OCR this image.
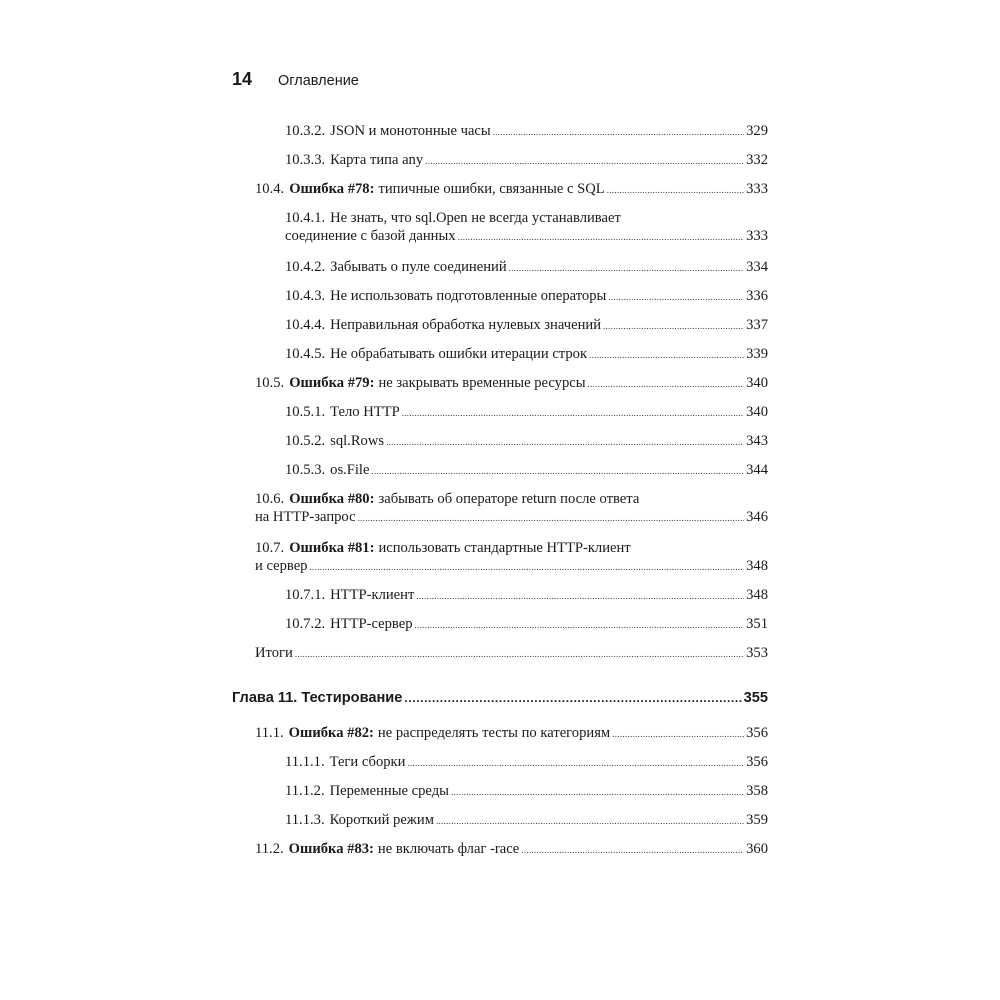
14 Оглавление
10.3.2. JSON и монотонные часы .....	329
10.3.3. Карта типа any .....	332
10.4. Ошибка #78: типичные ошибки, связанные с SQL .....	333
10.4.1. Не знать, что sql.Open не всегда устанавливает
соединение с базой данных .....	333
10.4.2. Забывать о пуле соединений .....	334
10.4.3. Не использовать подготовленные операторы .....	336
10.4.4. Неправильная обработка нулевых значений .....	337
10.4.5. Не обрабатывать ошибки итерации строк .....	339
10.5. Ошибка #79: не закрывать временные ресурсы .....	340
10.5.1. Тело HTTP .....	340
10.5.2. sql.Rows .....	343
10.5.3. os.File .....	344
10.6. Ошибка #80: забывать об операторе return после ответа
на HTTP-запрос .....	346
10.7. Ошибка #81: использовать стандартные HTTP-клиент
и сервер .....	348
10.7.1. HTTP-клиент .....	348
10.7.2. HTTP-сервер .....	351
Итоги .....	353
Глава 11. Тестирование .....	355
11.1. Ошибка #82: не распределять тесты по категориям .....	356
11.1.1. Теги сборки .....	356
11.1.2. Переменные среды .....	358
11.1.3. Короткий режим .....	359
11.2. Ошибка #83: не включать флаг -race .....	360
